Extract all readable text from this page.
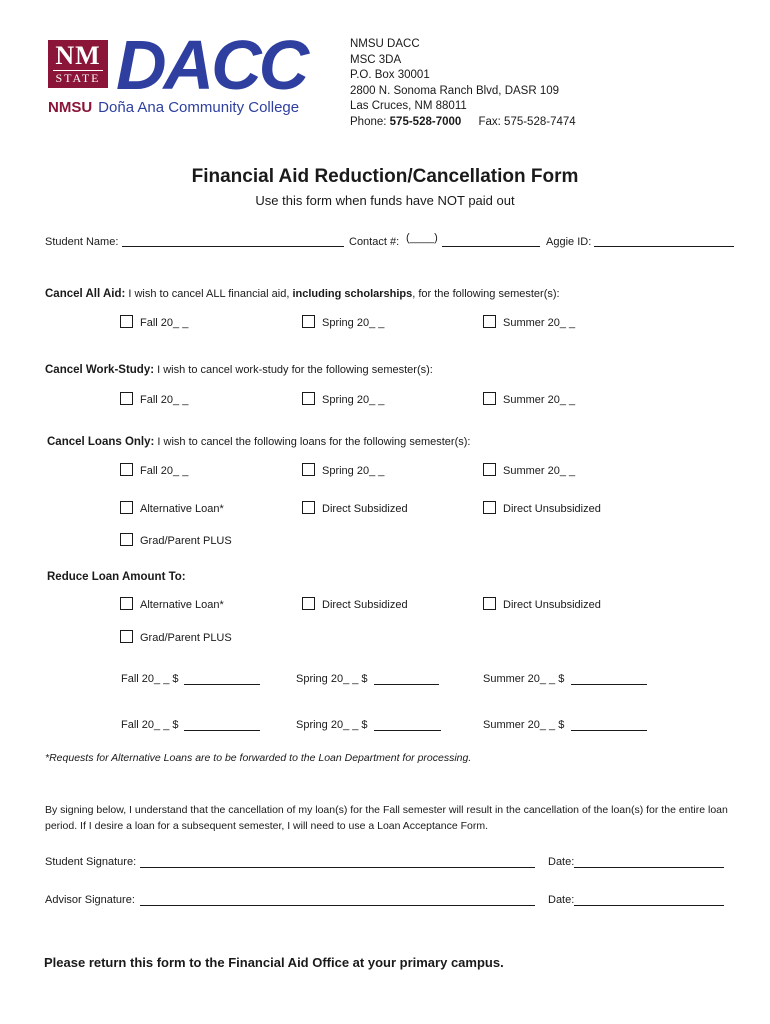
NM
STATE DACC
NMSU Doña Ana Community College
NMSU DACC
MSC 3DA
P.O. Box 30001
2800 N. Sonoma Ranch Blvd, DASR 109
Las Cruces, NM 88011
Phone: 575-528-7000 Fax: 575-528-7474
Financial Aid Reduction/Cancellation Form
Use this form when funds have NOT paid out
Student Name:	Contact #: (____)	Aggie ID:
Cancel All Aid: I wish to cancel ALL financial aid, including scholarships, for the following semester(s):
Fall 20_ _	Spring 20_ _	Summer 20_ _
Cancel Work-Study: I wish to cancel work-study for the following semester(s):
Fall 20_ _	Spring 20_ _	Summer 20_ _
Cancel Loans Only: I wish to cancel the following loans for the following semester(s):
Fall 20_ _	Spring 20_ _	Summer 20_ _
Alternative Loan*	Direct Subsidized	Direct Unsubsidized
Grad/Parent PLUS
Reduce Loan Amount To:
Alternative Loan*	Direct Subsidized	Direct Unsubsidized
Grad/Parent PLUS
Fall 20_ _ $	Spring 20_ _ $	Summer 20_ _ $
Fall 20_ _ $	Spring 20_ _ $	Summer 20_ _ $
*Requests for Alternative Loans are to be forwarded to the Loan Department for processing.
By signing below, I understand that the cancellation of my loan(s) for the Fall semester will result in the cancellation of the loan(s) for the entire loan period. If I desire a loan for a subsequent semester, I will need to use a Loan Acceptance Form.
Student Signature:	Date:
Advisor Signature:	Date:
Please return this form to the Financial Aid Office at your primary campus.
